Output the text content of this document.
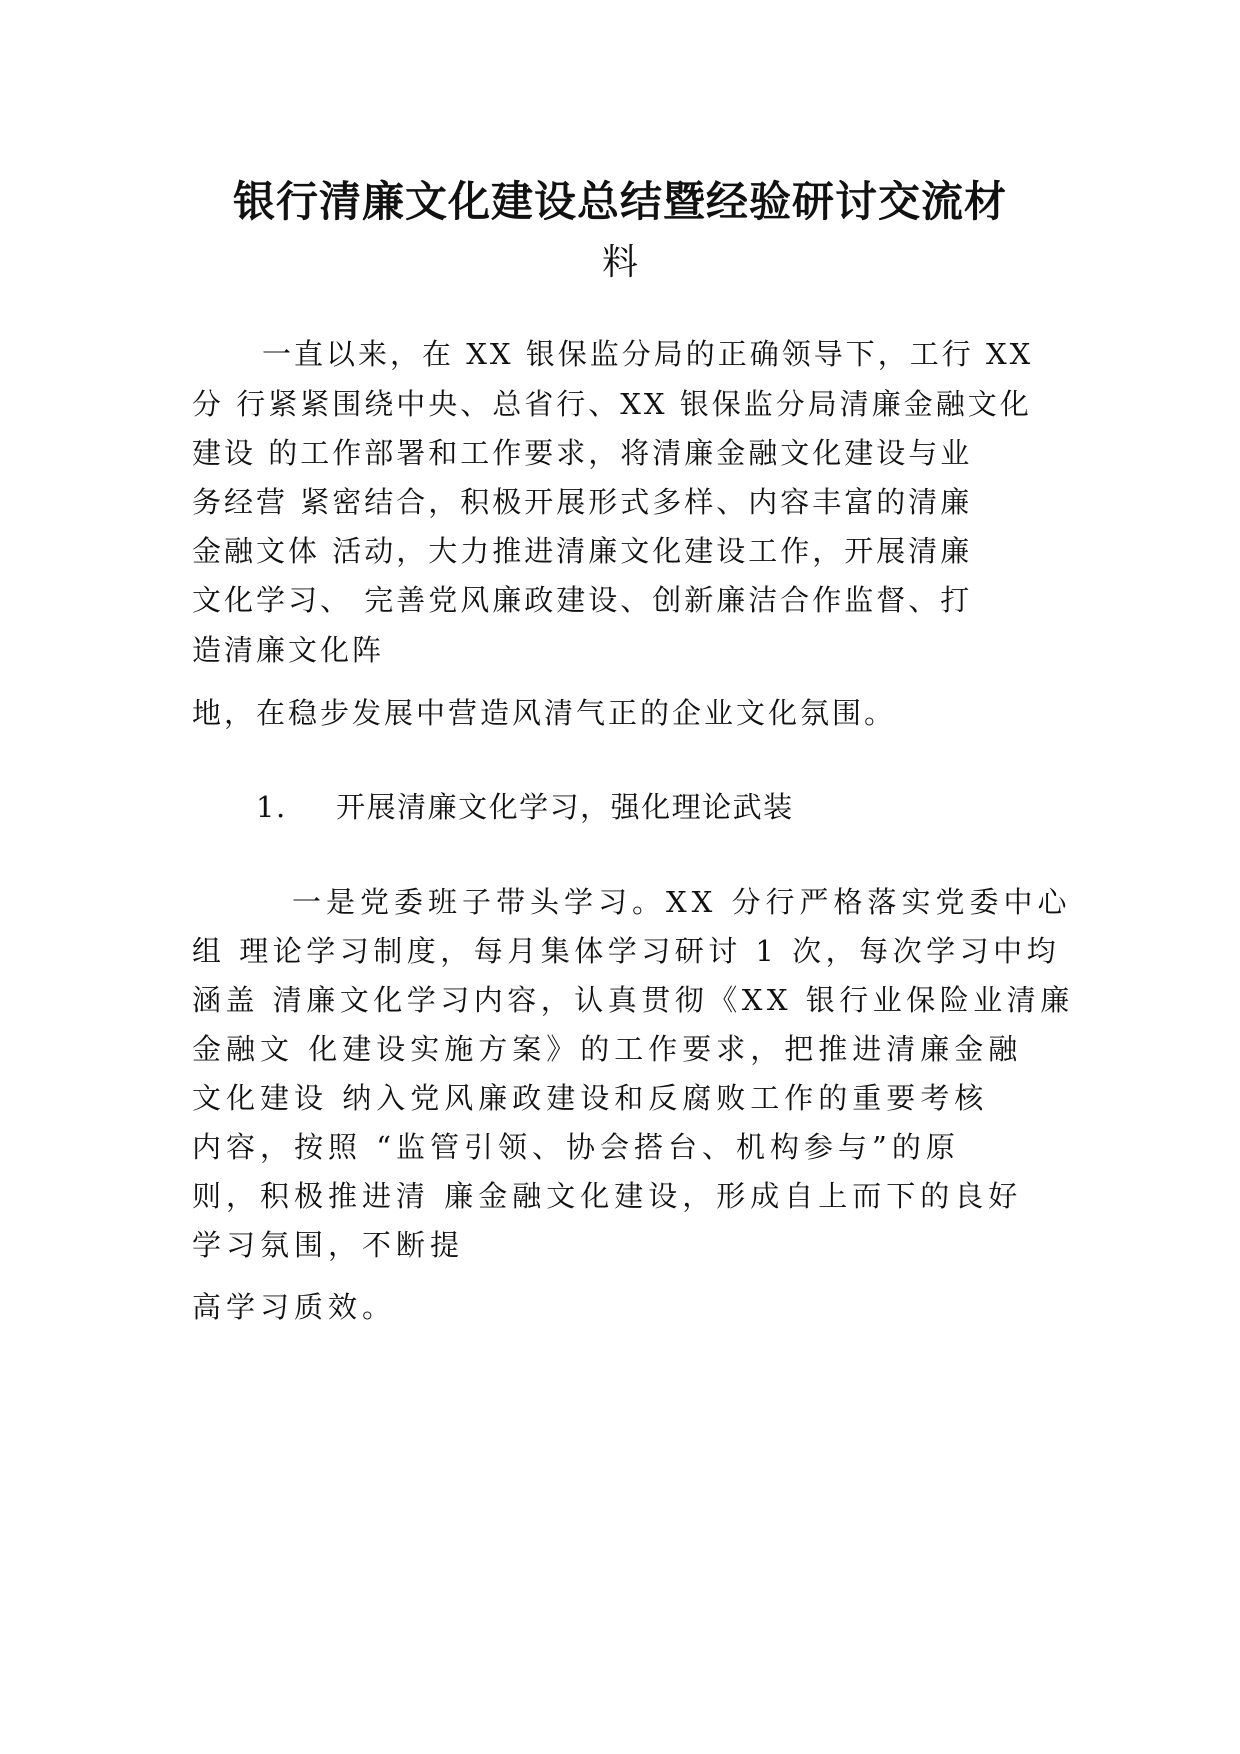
银行清廉文化建设总结暨经验研讨交流材
料
一直以来，在 XX 银保监分局的正确领导下，工行 XX
分 行紧紧围绕中央、总省行、XX 银保监分局清廉金融文化
建设 的工作部署和工作要求，将清廉金融文化建设与业
务经营 紧密结合，积极开展形式多样、内容丰富的清廉
金融文体 活动，大力推进清廉文化建设工作，开展清廉
文化学习、 完善党风廉政建设、创新廉洁合作监督、打
造清廉文化阵
地，在稳步发展中营造风清气正的企业文化氛围。
1. 开展清廉文化学习，强化理论武装
一是党委班子带头学习。XX 分行严格落实党委中心
组 理论学习制度，每月集体学习研讨 1 次，每次学习中均
涵盖 清廉文化学习内容，认真贯彻《XX 银行业保险业清廉
金融文 化建设实施方案》的工作要求，把推进清廉金融
文化建设 纳入党风廉政建设和反腐败工作的重要考核
内容，按照 “监管引领、协会搭台、机构参与”的原
则，积极推进清 廉金融文化建设，形成自上而下的良好
学习氛围，不断提
高学习质效。
